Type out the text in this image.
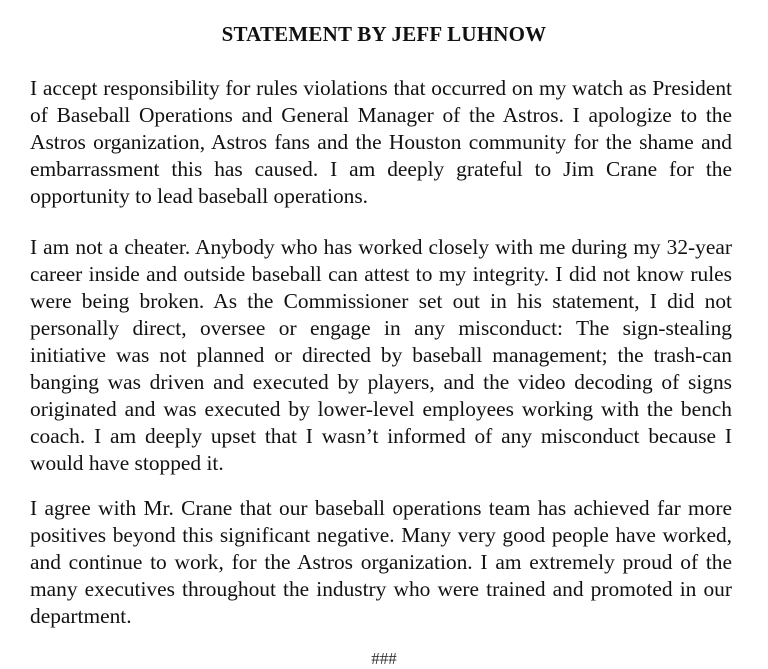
STATEMENT BY JEFF LUHNOW

I accept responsibility for rules violations that occurred on my watch as President of Baseball Operations and General Manager of the Astros. I apologize to the Astros organization, Astros fans and the Houston community for the shame and embarrassment this has caused. I am deeply grateful to Jim Crane for the opportunity to lead baseball operations.

I am not a cheater. Anybody who has worked closely with me during my 32-year career inside and outside baseball can attest to my integrity. I did not know rules were being broken. As the Commissioner set out in his statement, I did not personally direct, oversee or engage in any misconduct: The sign-stealing initiative was not planned or directed by baseball management; the trash-can banging was driven and executed by players, and the video decoding of signs originated and was executed by lower-level employees working with the bench coach. I am deeply upset that I wasn’t informed of any misconduct because I would have stopped it.

I agree with Mr. Crane that our baseball operations team has achieved far more positives beyond this significant negative. Many very good people have worked, and continue to work, for the Astros organization. I am extremely proud of the many executives throughout the industry who were trained and promoted in our department.

###
